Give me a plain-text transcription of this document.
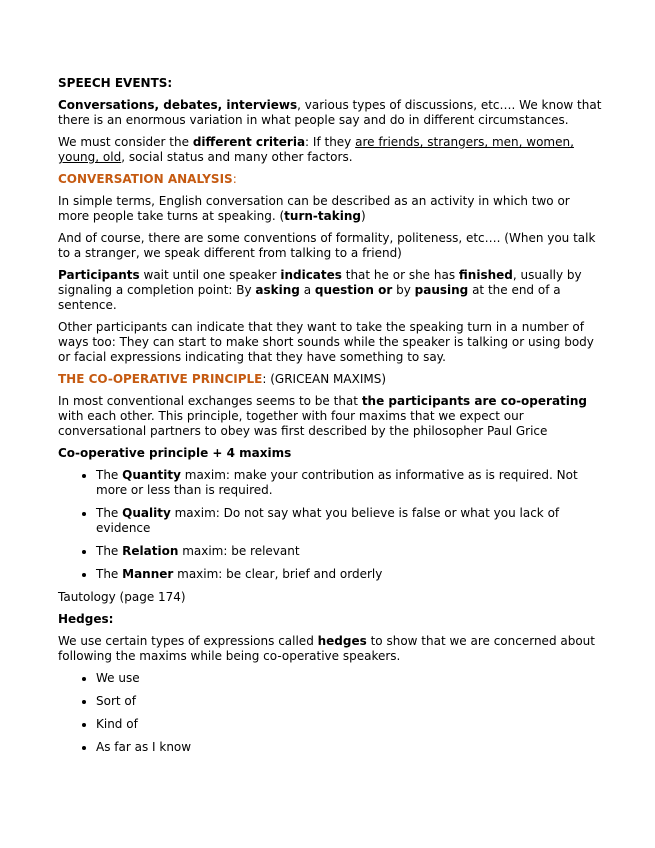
SPEECH EVENTS:

Conversations, debates, interviews, various types of discussions, etc…. We know that there is an enormous variation in what people say and do in different circumstances.

We must consider the different criteria: If they are friends, strangers, men, women, young, old, social status and many other factors.

CONVERSATION ANALYSIS:

In simple terms, English conversation can be described as an activity in which two or more people take turns at speaking. (turn-taking)

And of course, there are some conventions of formality, politeness, etc…. (When you talk to a stranger, we speak different from talking to a friend)

Participants wait until one speaker indicates that he or she has finished, usually by signaling a completion point: By asking a question or by pausing at the end of a sentence.

Other participants can indicate that they want to take the speaking turn in a number of ways too: They can start to make short sounds while the speaker is talking or using body or facial expressions indicating that they have something to say.

THE CO-OPERATIVE PRINCIPLE: (GRICEAN MAXIMS)

In most conventional exchanges seems to be that the participants are co-operating with each other. This principle, together with four maxims that we expect our conversational partners to obey was first described by the philosopher Paul Grice

Co-operative principle + 4 maxims

• The Quantity maxim: make your contribution as informative as is required. Not more or less than is required.
• The Quality maxim: Do not say what you believe is false or what you lack of evidence
• The Relation maxim: be relevant
• The Manner maxim: be clear, brief and orderly

Tautology (page 174)

Hedges:

We use certain types of expressions called hedges to show that we are concerned about following the maxims while being co-operative speakers.

• We use
• Sort of
• Kind of
• As far as I know
